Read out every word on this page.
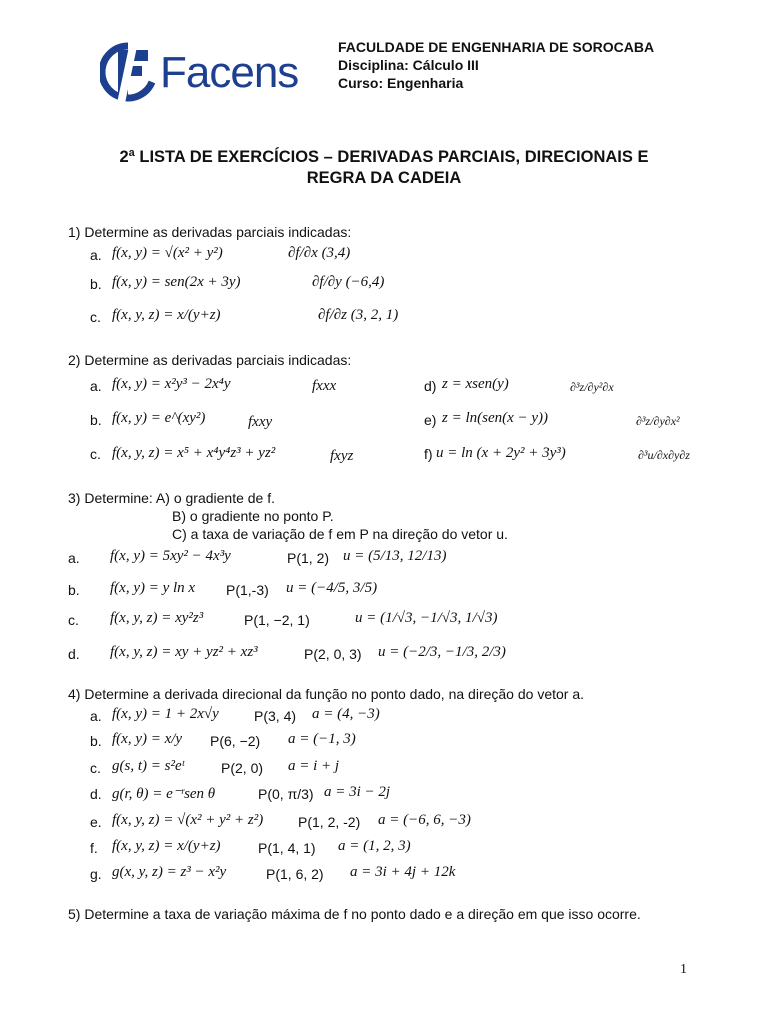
Facens
FACULDADE DE ENGENHARIA DE SOROCABA
Disciplina: Cálculo III
Curso: Engenharia
2ª LISTA DE EXERCÍCIOS – DERIVADAS PARCIAIS, DIRECIONAIS E
REGRA DA CADEIA
1) Determine as derivadas parciais indicadas:
a. f(x, y) = √(x² + y²)	∂f/∂x (3,4)
b. f(x, y) = sen(2x + 3y)	∂f/∂y (−6,4)
c. f(x, y, z) = x/(y+z)	∂f/∂z (3, 2, 1)
2) Determine as derivadas parciais indicadas:
a. f(x, y) = x²y³ − 2x⁴y	fxxx
b. f(x, y) = e^(xy²)	fxxy
c. f(x, y, z) = x⁵ + x⁴y⁴z³ + yz²	fxyz
d) z = xsen(y)	∂³z/∂y²∂x
e) z = ln(sen(x − y))	∂³z/∂y∂x²
f) u = ln (x + 2y² + 3y³)	∂³u/∂x∂y∂z
3) Determine: A) o gradiente de f.
B) o gradiente no ponto P.
C) a taxa de variação de f em P na direção do vetor u.
a. f(x, y) = 5xy² − 4x³y	P(1, 2) u = (5/13, 12/13)
b. f(x, y) = y ln x P(1,-3) u = (−4/5, 3/5)
c. f(x, y, z) = xy²z³	P(1, −2, 1)	u = (1/√3, −1/√3, 1/√3)
d. f(x, y, z) = xy + yz² + xz³	P(2, 0, 3) u = (−2/3, −1/3, 2/3)
4) Determine a derivada direcional da função no ponto dado, na direção do vetor a.
a. f(x, y) = 1 + 2x√y	P(3, 4) a = (4, −3)
b. f(x, y) = x/y P(6, −2) a = (−1, 3)
c. g(s, t) = s²eᵗ	P(2, 0) a = i + j
d. g(r, θ) = e⁻ʳsen θ	P(0, π/3) a = 3i − 2j
e. f(x, y, z) = √(x² + y² + z²) P(1, 2, -2) a = (−6, 6, −3)
f. f(x, y, z) = x/(y+z)	P(1, 4, 1) a = (1, 2, 3)
g. g(x, y, z) = z³ − x²y	P(1, 6, 2) a = 3i + 4j + 12k
5) Determine a taxa de variação máxima de f no ponto dado e a direção em que isso ocorre.
1
